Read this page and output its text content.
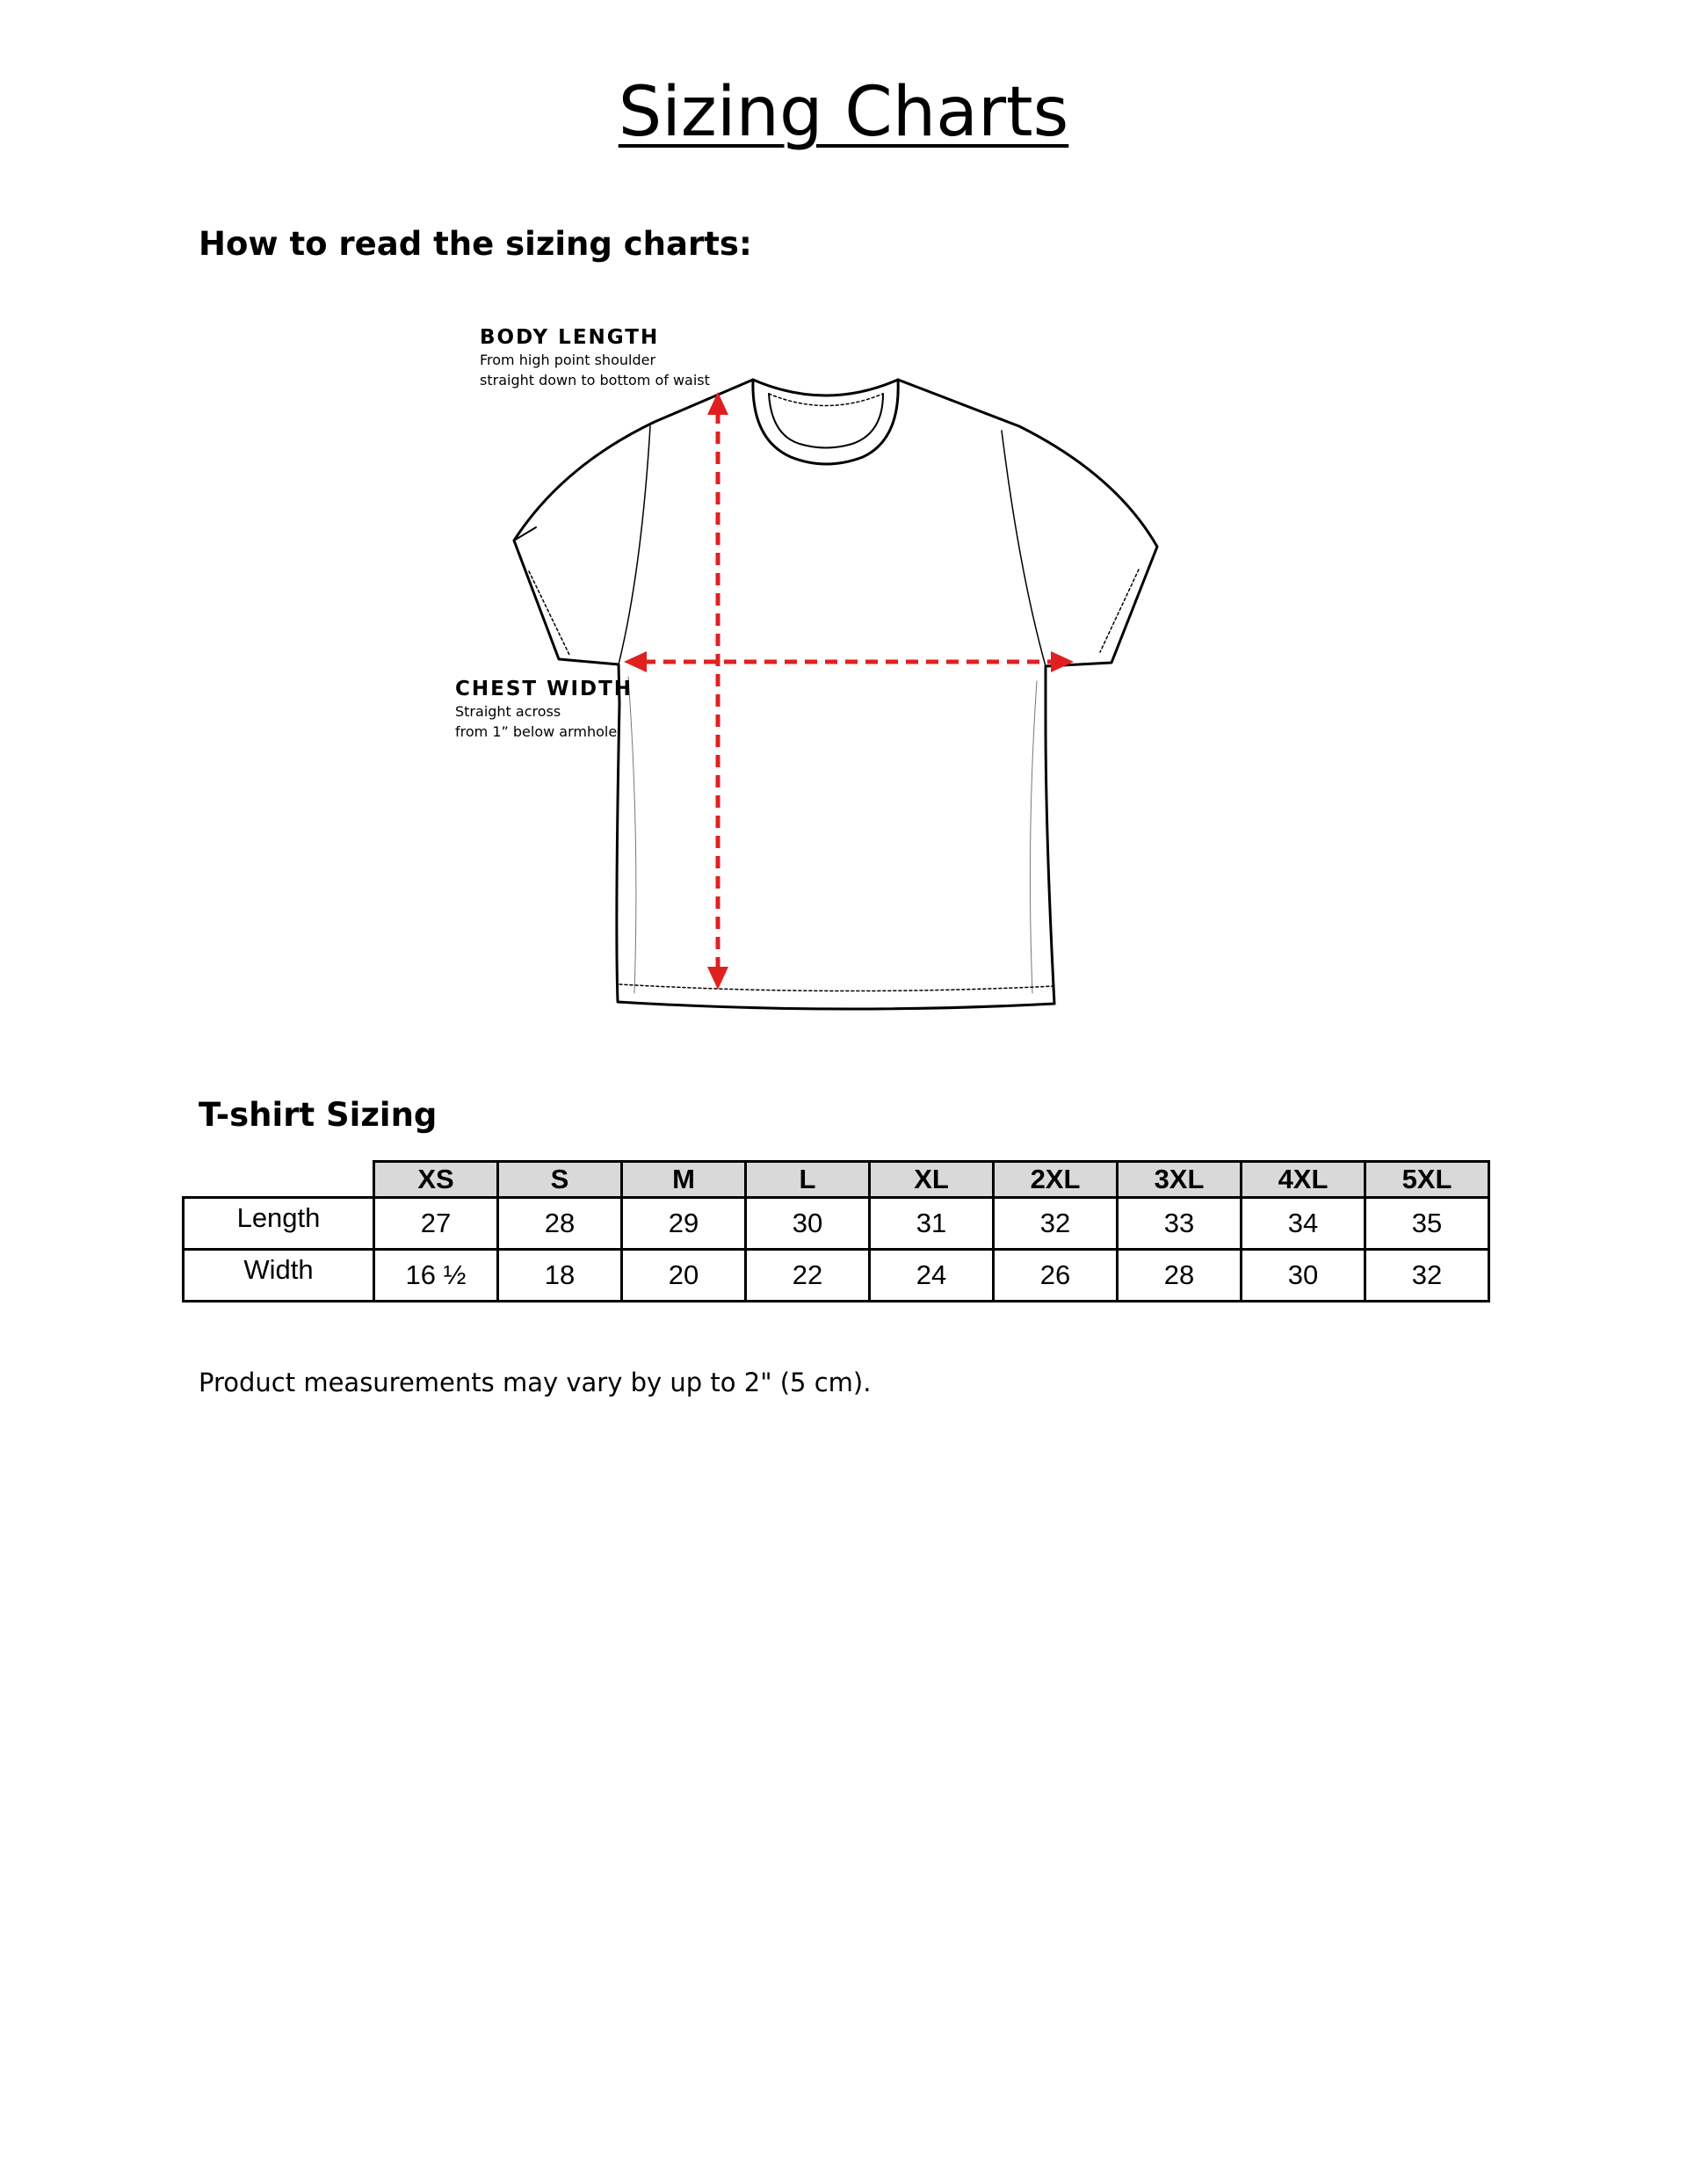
Sizing Charts
How to read the sizing charts:
BODY LENGTH
From high point shoulder
straight down to bottom of waist
CHEST WIDTH
Straight across
from 1” below armhole
T-shirt Sizing
	XS	S	M	L	XL	2XL	3XL	4XL	5XL
Length	27	28	29	30	31	32	33	34	35
Width	16 ½	18	20	22	24	26	28	30	32

Product measurements may vary by up to 2" (5 cm).
